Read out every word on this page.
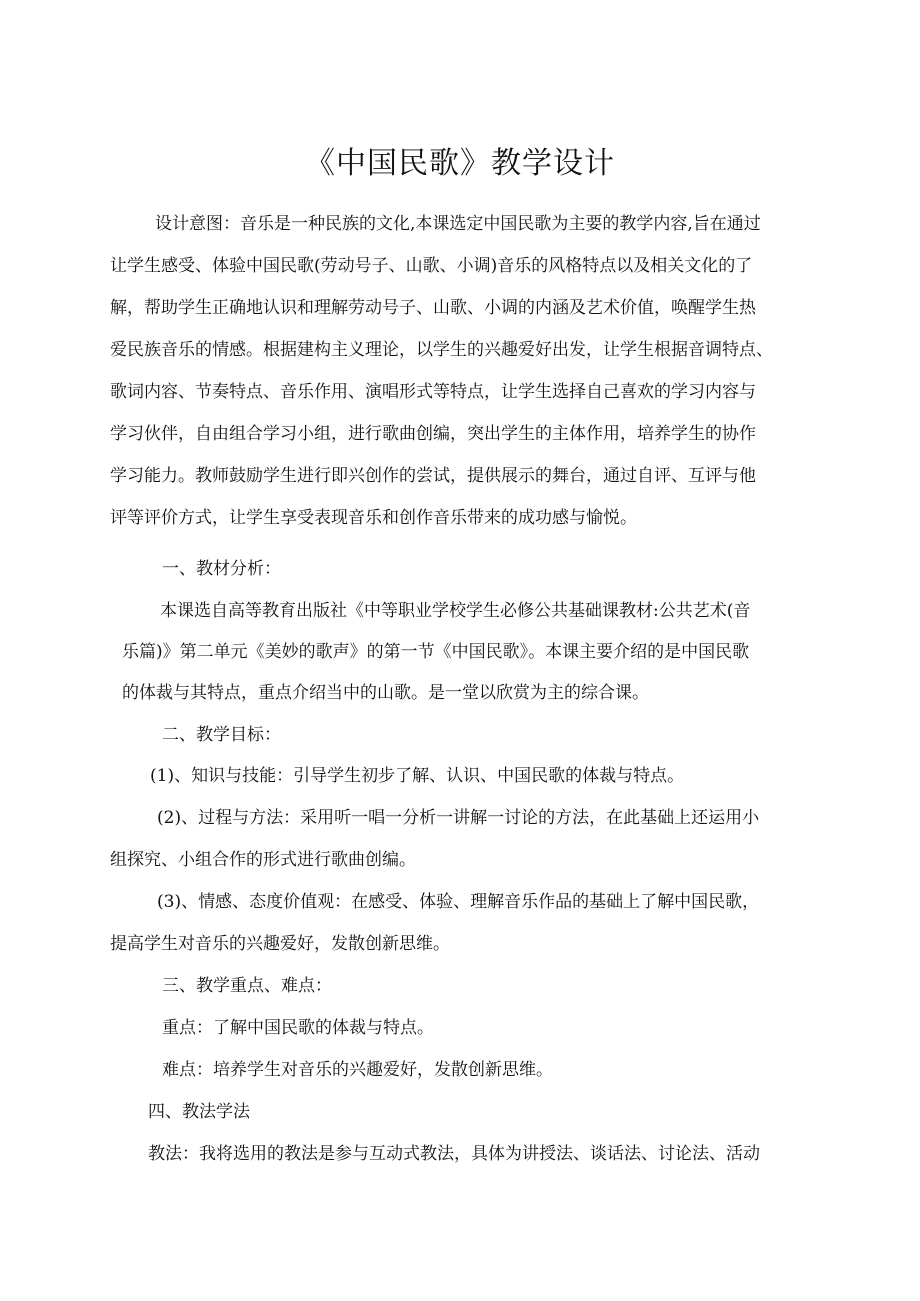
《中国民歌》教学设计
设计意图：音乐是一种民族的文化,本课选定中国民歌为主要的教学内容,旨在通过
让学生感受、体验中国民歌(劳动号子、山歌、小调)音乐的风格特点以及相关文化的了
解，帮助学生正确地认识和理解劳动号子、山歌、小调的内涵及艺术价值，唤醒学生热
爱民族音乐的情感。根据建构主义理论，以学生的兴趣爱好出发，让学生根据音调特点、
歌词内容、节奏特点、音乐作用、演唱形式等特点，让学生选择自己喜欢的学习内容与
学习伙伴，自由组合学习小组，进行歌曲创编，突出学生的主体作用，培养学生的协作
学习能力。教师鼓励学生进行即兴创作的尝试，提供展示的舞台，通过自评、互评与他
评等评价方式，让学生享受表现音乐和创作音乐带来的成功感与愉悦。
一、教材分析：
本课选自高等教育出版社《中等职业学校学生必修公共基础课教材:公共艺术(音
乐篇)》第二单元《美妙的歌声》的第一节《中国民歌》。本课主要介绍的是中国民歌
的体裁与其特点，重点介绍当中的山歌。是一堂以欣赏为主的综合课。
二、教学目标：
(1)、知识与技能：引导学生初步了解、认识、中国民歌的体裁与特点。
(2)、过程与方法：采用听一唱一分析一讲解一讨论的方法，在此基础上还运用小
组探究、小组合作的形式进行歌曲创编。
(3)、情感、态度价值观：在感受、体验、理解音乐作品的基础上了解中国民歌，
提高学生对音乐的兴趣爱好，发散创新思维。
三、教学重点、难点：
重点：了解中国民歌的体裁与特点。
难点：培养学生对音乐的兴趣爱好，发散创新思维。
四、教法学法
教法：我将选用的教法是参与互动式教法，具体为讲授法、谈话法、讨论法、活动
